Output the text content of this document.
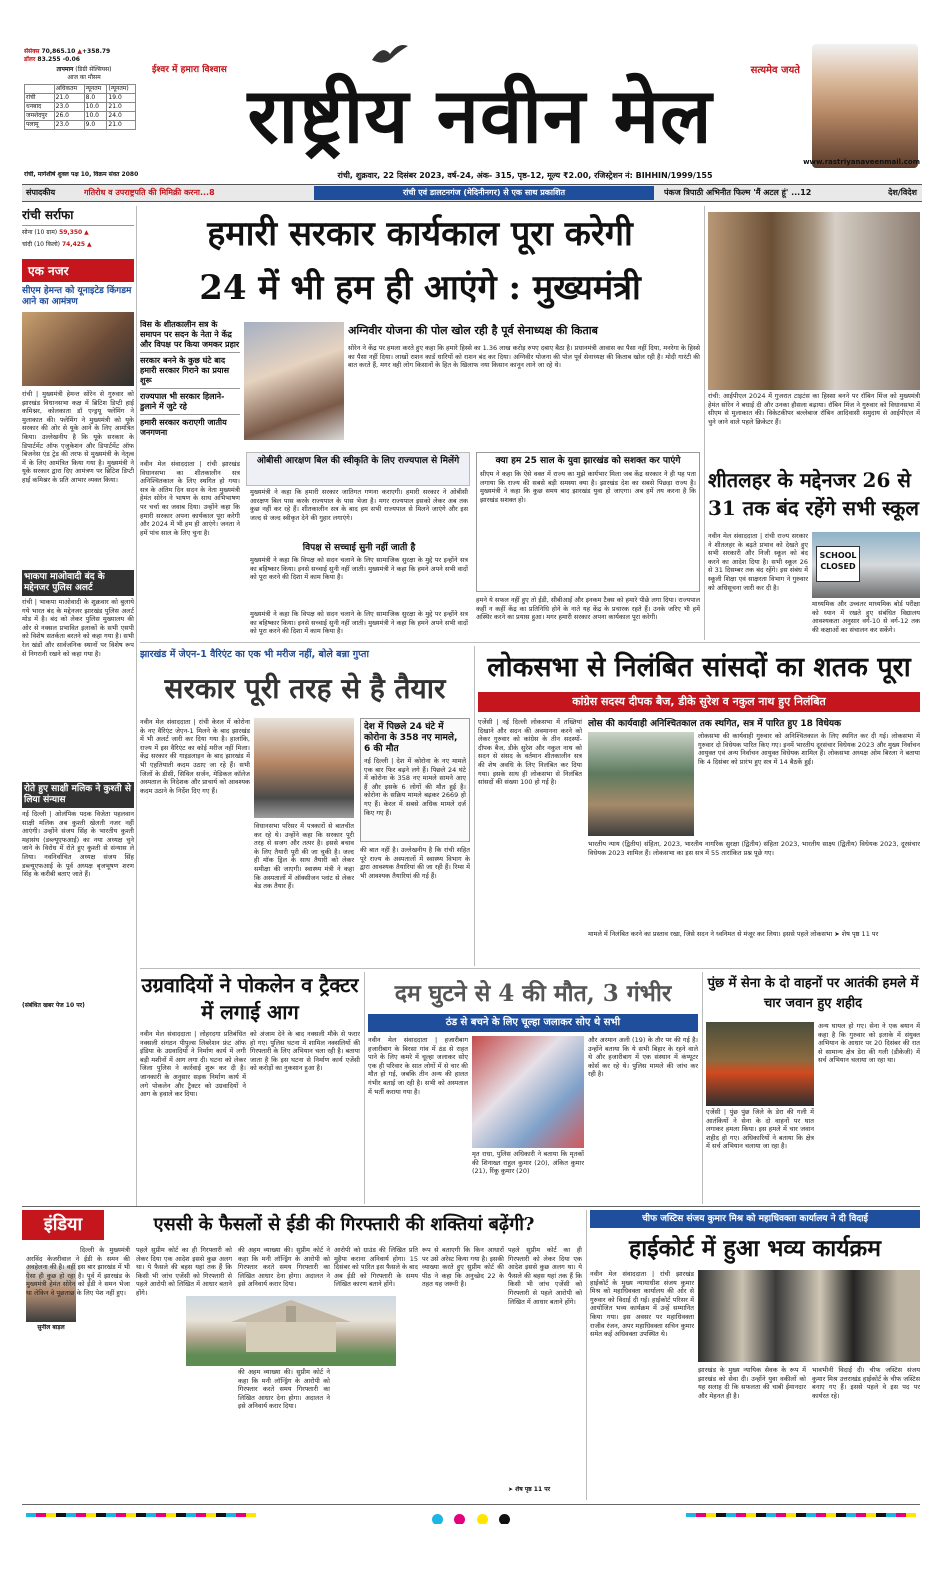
सेंसेक्स 70,865.10 ▲+358.79
डॉलर 83.255 -0.06
तापमान (डिग्री सेल्सियस)
आज का मौसम
	अधिकतम	न्यूनतम	(न्यूनतम)
रांची	21.0	8.0	19.0
धनबाद	23.0	10.0	21.0
जमशेदपुर	26.0	10.0	24.0
पलामू	23.0	9.0	21.0
रांची, मार्गशीर्ष शुक्ल पक्ष 10, विक्रम संवत 2080
ईश्वर में हमारा विश्वास	सत्यमेव जयते
राष्ट्रीय नवीन मेल
रांची, शुक्रवार, 22 दिसंबर 2023, वर्ष-24, अंक- 315, पृष्ठ-12, मूल्य ₹2.00, रजिस्ट्रेशन नं: BIHHIN/1999/155
www.rastriyanaveenmail.com
संपादकीय	गतिरोध व उपराष्ट्रपति की मिमिक्री करना...8	रांची एवं डालटनगंज (मेदिनीनगर) से एक साथ प्रकाशित	पंकज त्रिपाठी अभिनीत फिल्म 'मैं अटल हूं' ...12	देश/विदेश
रांची सर्राफा
सोना (10 ग्राम) 59,350 ▲
चांदी (10 किलो) 74,425 ▲
एक नजर
सीएम हेमन्त को यूनाइटेड किंगडम आने का आमंत्रण
रांची | मुख्यमंत्री हेमन्त सोरेन से गुरुवार को झारखंड विधानसभा कक्ष में ब्रिटिश डिप्टी हाई कमिश्नर, कोलकाता डॉ एन्ड्रयू फ्लेमिंग ने मुलाकात की। फ्लेमिंग ने मुख्यमंत्री को यूके सरकार की ओर से यूके आने के लिए आमंत्रित किया। उल्लेखनीय है कि यूके सरकार के डिपार्टमेंट ऑफ एजुकेशन और डिपार्टमेंट ऑफ बिजनेस एंड ट्रेड की तरफ से मुख्यमंत्री के नेतृत्व में के लिए आमंत्रित किया गया है। मुख्यमंत्री ने यूके सरकार द्वारा दिए आमंत्रण पर ब्रिटिश डिप्टी हाई कमिश्नर के प्रति आभार व्यक्त किया।
भाकपा माओवादी बंद के मद्देनजर पुलिस अलर्ट
रांची | भाकपा माओवादी के शुक्रवार को बुलाये गये भारत बंद के मद्देनजर झारखंड पुलिस अलर्ट मोड में है। बंद को लेकर पुलिस मुख्यालय की ओर से नक्सल प्रभावित इलाकों के सभी एसपी को विशेष सतर्कता बरतने को कहा गया है। सभी रेल खंडों और सार्वजनिक स्थानों पर विशेष रूप से निगरानी रखने को कहा गया है।
रोते हुए साक्षी मलिक ने कुश्ती से लिया संन्यास
नई दिल्ली | ओलंपिक पदक विजेता पहलवान साक्षी मलिक अब कुश्ती खेलती नजर नहीं आएंगी। उन्होंने संजय सिंह के भारतीय कुश्ती महासंघ (डब्ल्यूएफआई) का नया अध्यक्ष चुने जाने के विरोध में रोते हुए कुश्ती से संन्यास ले लिया। नवनिर्वाचित अध्यक्ष संजय सिंह डब्ल्यूएफआई के पूर्व अध्यक्ष बृजभूषण शरण सिंह के करीबी बताए जाते हैं।
(संबंधित खबर पेज 10 पर)
हमारी सरकार कार्यकाल पूरा करेगी
24 में भी हम ही आएंगे : मुख्यमंत्री
विस के शीतकालीन सत्र के समापन पर सदन के नेता ने केंद्र और विपक्ष पर किया जमकर प्रहार
सरकार बनने के कुछ घंटे बाद हमारी सरकार गिराने का प्रयास शुरू
राज्यपाल भी सरकार हिलाने-डुलाने में जुटे रहे
हमारी सरकार कराएगी जातीय जनगणना
अग्निवीर योजना की पोल खोल रही है पूर्व सेनाध्यक्ष की किताब
सोरेन ने केंद्र पर हमला करते हुए कहा कि हमारे हिस्से का 1.36 लाख करोड़ रुपए दबाए बैठा है। प्रधानमंत्री आवास का पैसा नहीं दिया, मनरेगा के हिस्से का पैसा नहीं दिया। लाखों राशन कार्ड धारियों को राशन बंद कर दिया। अग्निवीर योजना की पोल पूर्व सेनाध्यक्ष की किताब खोल रही है। मोदी गारंटी की बात करते हैं, मगर वही लोग किसानों के हित के खिलाफ नया किसान कानून लाने जा रहे थे।
नवीन मेल संवाददाता | रांची झारखंड विधानसभा का शीतकालीन सत्र अनिश्चितकाल के लिए स्थगित हो गया। सत्र के अंतिम दिन सदन के नेता मुख्यमंत्री हेमंत सोरेन ने भाषण के साथ अभिभाषण पर चर्चा का जवाब दिया। उन्होंने कहा कि हमारी सरकार अपना कार्यकाल पूरा करेगी और 2024 में भी हम ही आएंगे। जनता ने हमें पांच साल के लिए चुना है।
ओबीसी आरक्षण बिल की स्वीकृति के लिए राज्यपाल से मिलेंगे
मुख्यमंत्री ने कहा कि हमारी सरकार जातिगत गणना कराएगी। हमारी सरकार ने ओबीसी आरक्षण बिल पास करके राज्यपाल के पास भेजा है। मगर राज्यपाल इसको लेकर अब तक कुछ नहीं कर रहे हैं। शीतकालीन सत्र के बाद हम सभी राज्यपाल से मिलने जाएंगे और इस जल्द से जल्द स्वीकृत देने की गुहार लगाएंगे।
विपक्ष से सच्चाई सुनी नहीं जाती है
मुख्यमंत्री ने कहा कि विपक्ष को सदन चलाने के लिए सामाजिक सुरक्षा के मुद्दे पर इन्होंने सत्र का बहिष्कार किया। इनसे सच्चाई सुनी नहीं जाती। मुख्यमंत्री ने कहा कि हमने अपने सभी वादों को पूरा करने की दिशा में काम किया है।
क्या हम 25 साल के युवा झारखंड को सशक्त कर पाएंगे
सीएम ने कहा कि ऐसे वक्त में राज्य का मुझे कार्यभार मिला जब केंद्र सरकार ने ही यह पता लगाया कि राज्य की सबसे बड़ी समस्या क्या है। झारखंड देश का सबसे पिछड़ा राज्य है। मुख्यमंत्री ने कहा कि कुछ समय बाद झारखंड युवा हो जाएगा। अब हमें तय करना है कि झारखंड सशक्त हो।
हमने ये सफल नहीं हुए तो ईडी, सीबीआई और इनकम टैक्स को हमारे पीछे लगा दिया। राज्यपाल कहीं न कहीं केंद्र का प्रतिनिधि होने के नाते यह केंद्र के प्रचारक रहते हैं। उनके जरिए भी हमें अस्थिर करने का प्रयास हुआ। मगर हमारी सरकार अपना कार्यकाल पूरा करेगी।
मुख्यमंत्री ने कहा कि विपक्ष को सदन चलाने के लिए सामाजिक सुरक्षा के मुद्दे पर इन्होंने सत्र का बहिष्कार किया। इनसे सच्चाई सुनी नहीं जाती। मुख्यमंत्री ने कहा कि हमने अपने सभी वादों को पूरा करने की दिशा में काम किया है।
रांची: आईपीएल 2024 में गुजरात टाइटंस का हिस्सा बनने पर रॉबिन मिंज को मुख्यमंत्री हेमंत सोरेन ने बधाई दी और उनका हौसला बढ़ाया। रॉबिन मिंज ने गुरुवार को विधानसभा में सीएम से मुलाकात की। विकेटकीपर बल्लेबाज रॉबिन आदिवासी समुदाय से आईपीएल में चुने जाने वाले पहले क्रिकेटर हैं।
शीतलहर के मद्देनजर 26 से 31 तक बंद रहेंगे सभी स्कूल
नवीन मेल संवाददाता | रांची राज्य सरकार ने शीतलहर के बढ़ते प्रभाव को देखते हुए सभी सरकारी और निजी स्कूल को बंद करने का आदेश दिया है। सभी स्कूल 26 से 31 दिसम्बर तक बंद रहेंगे। इस संबंध में स्कूली शिक्षा एवं साक्षरता विभाग ने गुरुवार को अधिसूचना जारी कर दी है।
SCHOOL CLOSED
माध्यमिक और उच्चतर माध्यमिक बोर्ड परीक्षा को ध्यान में रखते हुए संबंधित विद्यालय आवश्यकता अनुसार वर्ग-10 से वर्ग-12 तक की कक्षाओं का संचालन कर सकेंगे।
झारखंड में जेएन-1 वैरिएंट का एक भी मरीज नहीं, बोले बन्ना गुप्ता
सरकार पूरी तरह से है तैयार
नवीन मेल संवाददाता | रांची केरल में कोरोना के नए वैरिएंट जेएन-1 मिलने के बाद झारखंड में भी अलर्ट जारी कर दिया गया है। हालांकि, राज्य में इस वैरिएंट का कोई मरीज नहीं मिला। केंद्र सरकार की गाइडलाइन के बाद झारखंड में भी एहतियाती कदम उठाए जा रहे हैं। सभी जिलों के डीसी, सिविल सर्जन, मेडिकल कॉलेज अस्पताल के निदेशक और प्राचार्य को आवश्यक कदम उठाने के निर्देश दिए गए हैं।
विधानसभा परिसर में पत्रकारों से बातचीत कर रहे थे। उन्होंने कहा कि सरकार पूरी तरह से सजग और तत्पर है। इससे बचाव के लिए तैयारी पूरी की जा चुकी है। जल्द ही मॉक ड्रिल के साथ तैयारी को लेकर समीक्षा की जाएगी। स्वास्थ्य मंत्री ने कहा कि अस्पतालों में ऑक्सीजन प्लांट से लेकर बेड तक तैयार हैं।
देश में पिछले 24 घंटे में कोरोना के 358 नए मामले, 6 की मौत
नई दिल्ली | देश में कोरोना के नए मामले एक बार फिर बढ़ने लगे हैं। पिछले 24 घंटे में कोरोना के 358 नए मामले सामने आए हैं और इसके 6 लोगों की मौत हुई है। कोरोना के सक्रिय मामले बढ़कर 2669 हो गए हैं। केरल में सबसे अधिक मामले दर्ज किए गए हैं।
की बात नहीं है। उल्लेखनीय है कि रांची सहित पूरे राज्य के अस्पतालों में स्वास्थ्य विभाग के द्वारा आवश्यक तैयारियां की जा रही हैं। रिम्स में भी आवश्यक तैयारियां की गई हैं।
लोकसभा से निलंबित सांसदों का शतक पूरा
कांग्रेस सदस्य दीपक बैज, डीके सुरेश व नकुल नाथ हुए निलंबित
एजेंसी | नई दिल्ली लोकसभा में तख्तियां दिखाने और सदन की अवमानना करने को लेकर गुरुवार को कांग्रेस के तीन सदस्यों- दीपक बैज, डीके सुरेश और नकुल नाथ को सदन से संसद के वर्तमान शीतकालीन सत्र की शेष अवधि के लिए निलंबित कर दिया गया। इसके साथ ही लोकसभा से निलंबित सांसदों की संख्या 100 हो गई है।
लोस की कार्यवाही अनिश्चितकाल तक स्थगित, सत्र में पारित हुए 18 विधेयक
लोकसभा की कार्यवाही गुरुवार को अनिश्चितकाल के लिए स्थगित कर दी गई। लोकसभा में गुरुवार दो विधेयक पारित किए गए। इनमें भारतीय दूरसंचार विधेयक 2023 और मुख्य निर्वाचन आयुक्त एवं अन्य निर्वाचन आयुक्त विधेयक शामिल हैं। लोकसभा अध्यक्ष ओम बिरला ने बताया कि 4 दिसंबर को प्रारंभ हुए सत्र में 14 बैठकें हुईं।
भारतीय न्याय (द्वितीय) संहिता, 2023, भारतीय नागरिक सुरक्षा (द्वितीय) संहिता 2023, भारतीय साक्ष्य (द्वितीय) विधेयक 2023, दूरसंचार विधेयक 2023 शामिल हैं। लोकसभा का इस सत्र में 55 तारांकित प्रश्न पूछे गए।
मामले में निलंबित करने का प्रस्ताव रखा, जिसे सदन ने ध्वनिमत से मंजूर कर लिया। इससे पहले लोकसभा ➤ शेष पृष्ठ 11 पर
उग्रवादियों ने पोकलेन व ट्रैक्टर में लगाई आग
नवीन मेल संवाददाता | लोहरदगा प्रतिबंधित नक्सली संगठन पीपुल्स लिबरेशन फ्रंट ऑफ इंडिया के उग्रवादियों ने निर्माण कार्य में लगी बड़ी मशीनों में आग लगा दी। घटना को लेकर जिला पुलिस ने कार्रवाई शुरू कर दी है। जानकारी के अनुसार सड़क निर्माण कार्य में लगे पोकलेन और ट्रैक्टर को उग्रवादियों ने आग के हवाले कर दिया।
को अंजाम देने के बाद नक्सली मौके से फरार हो गए। पुलिस घटना में शामिल नक्सलियों की गिरफ्तारी के लिए अभियान चला रही है। बताया जाता है कि इस घटना से निर्माण कार्य एजेंसी को करोड़ों का नुकसान हुआ है।
दम घुटने से 4 की मौत, 3 गंभीर
ठंड से बचने के लिए चूल्हा जलाकर सोए थे सभी
नवीन मेल संवाददाता | हजारीबाग हजारीबाग के बिरसा गांव में ठंड से राहत पाने के लिए कमरे में चूल्हा जलाकर सोए एक ही परिवार के सात लोगों में से चार की मौत हो गई, जबकि तीन अन्य की हालत गंभीर बताई जा रही है। सभी को अस्पताल में भर्ती कराया गया है।
मृत राधा, पुलिस अधिकारी ने बताया कि मृतकों की शिनाख्त राहुल कुमार (20), अंकित कुमार (21), रिंकू कुमार (20)
और अरमान अली (19) के तौर पर की गई है। उन्होंने बताया कि ये सभी बिहार के रहने वाले थे और हजारीबाग में एक संस्थान में कंप्यूटर कोर्स कर रहे थे। पुलिस मामले की जांच कर रही है।
पुंछ में सेना के दो वाहनों पर आतंकी हमले में चार जवान हुए शहीद
एजेंसी | पुंछ पुंछ जिले के डेरा की गली में आतंकियों ने सेना के दो वाहनों पर घात लगाकर हमला किया। इस हमले में चार जवान शहीद हो गए। अधिकारियों ने बताया कि क्षेत्र में सर्च अभियान चलाया जा रहा है।
अन्य घायल हो गए। सेना ने एक बयान में कहा है कि गुरुवार को इलाके में संयुक्त अभियान के आधार पर 20 दिसंबर की रात से सामान्य क्षेत्र डेरा की गली (डीकेजी) में सर्च अभियान चलाया जा रहा था।
इंडिया	एससी के फैसलों से ईडी की गिरफ्तारी की शक्तियां बढ़ेंगी?
सुनील बाड़ल
दिल्ली के मुख्यमंत्री अरविंद केजरीवाल ने ईडी के समन की अवहेलना की है। वहीं इस बार झारखंड में भी ऐसा ही कुछ हो रहा है। पूर्व में झारखंड के मुख्यमंत्री हेमंत सोरेन को ईडी ने समन भेजा था लेकिन वे पूछताछ के लिए पेश नहीं हुए।
पहले सुप्रीम कोर्ट का ही गिरफ्तारी को लेकर दिया एक आदेश इससे कुछ अलग था। ये फैसले की बहस यहां तक हैं कि किसी भी जांच एजेंसी को गिरफ्तारी से पहले आरोपी को लिखित में आधार बताने होंगे।
की अहम व्याख्या की। सुप्रीम कोर्ट ने कहा कि मनी लॉन्ड्रिंग के आरोपी को गिरफ्तार करते समय गिरफ्तारी का लिखित आधार देना होगा। अदालत ने इसे अनिवार्य करार दिया।
की अहम व्याख्या की। सुप्रीम कोर्ट ने कहा कि मनी लॉन्ड्रिंग के आरोपी को गिरफ्तार करते समय गिरफ्तारी का लिखित आधार देना होगा। अदालत ने इसे अनिवार्य करार दिया।
आरोपी को ग्राउंड की लिखित प्रति मुहैया कराना अनिवार्य होगा। 15 दिसंबर को पारित इस फैसले के बाद अब ईडी को गिरफ्तारी के समय लिखित कारण बताने होंगे।
रूप से बताएगी कि किन आधारों पर उसे अरेस्ट किया गया है। इसकी व्याख्या करते हुए सुप्रीम कोर्ट की पीठ ने कहा कि अनुच्छेद 22 के तहत यह जरूरी है।
पहले सुप्रीम कोर्ट का ही गिरफ्तारी को लेकर दिया एक आदेश इससे कुछ अलग था। ये फैसले की बहस यहां तक हैं कि किसी भी जांच एजेंसी को गिरफ्तारी से पहले आरोपी को लिखित में आधार बताने होंगे।
➤ शेष पृष्ठ 11 पर
चीफ जस्टिस संजय कुमार मिश्र को महाधिवक्ता कार्यालय ने दी विदाई
हाईकोर्ट में हुआ भव्य कार्यक्रम
नवीन मेल संवाददाता | रांची झारखंड हाईकोर्ट के मुख्य न्यायाधीश संजय कुमार मिश्र को महाधिवक्ता कार्यालय की ओर से गुरुवार को विदाई दी गई। हाईकोर्ट परिसर में आयोजित भव्य कार्यक्रम में उन्हें सम्मानित किया गया। इस अवसर पर महाधिवक्ता राजीव रंजन, अपर महाधिवक्ता सचिन कुमार समेत कई अधिवक्ता उपस्थित थे।
झारखंड के मुख्य न्यायिक सेवक के रूप में झारखंड को सेवा दी। उन्होंने युवा वकीलों को यह सलाह दी कि सफलता की चाबी ईमानदार और मेहनत ही है।
भावभीनी विदाई दी। चीफ जस्टिस संजय कुमार मिश्र उत्तराखंड हाईकोर्ट के चीफ जस्टिस बनाए गए हैं। इससे पहले वे इस पद पर कार्यरत रहे।
